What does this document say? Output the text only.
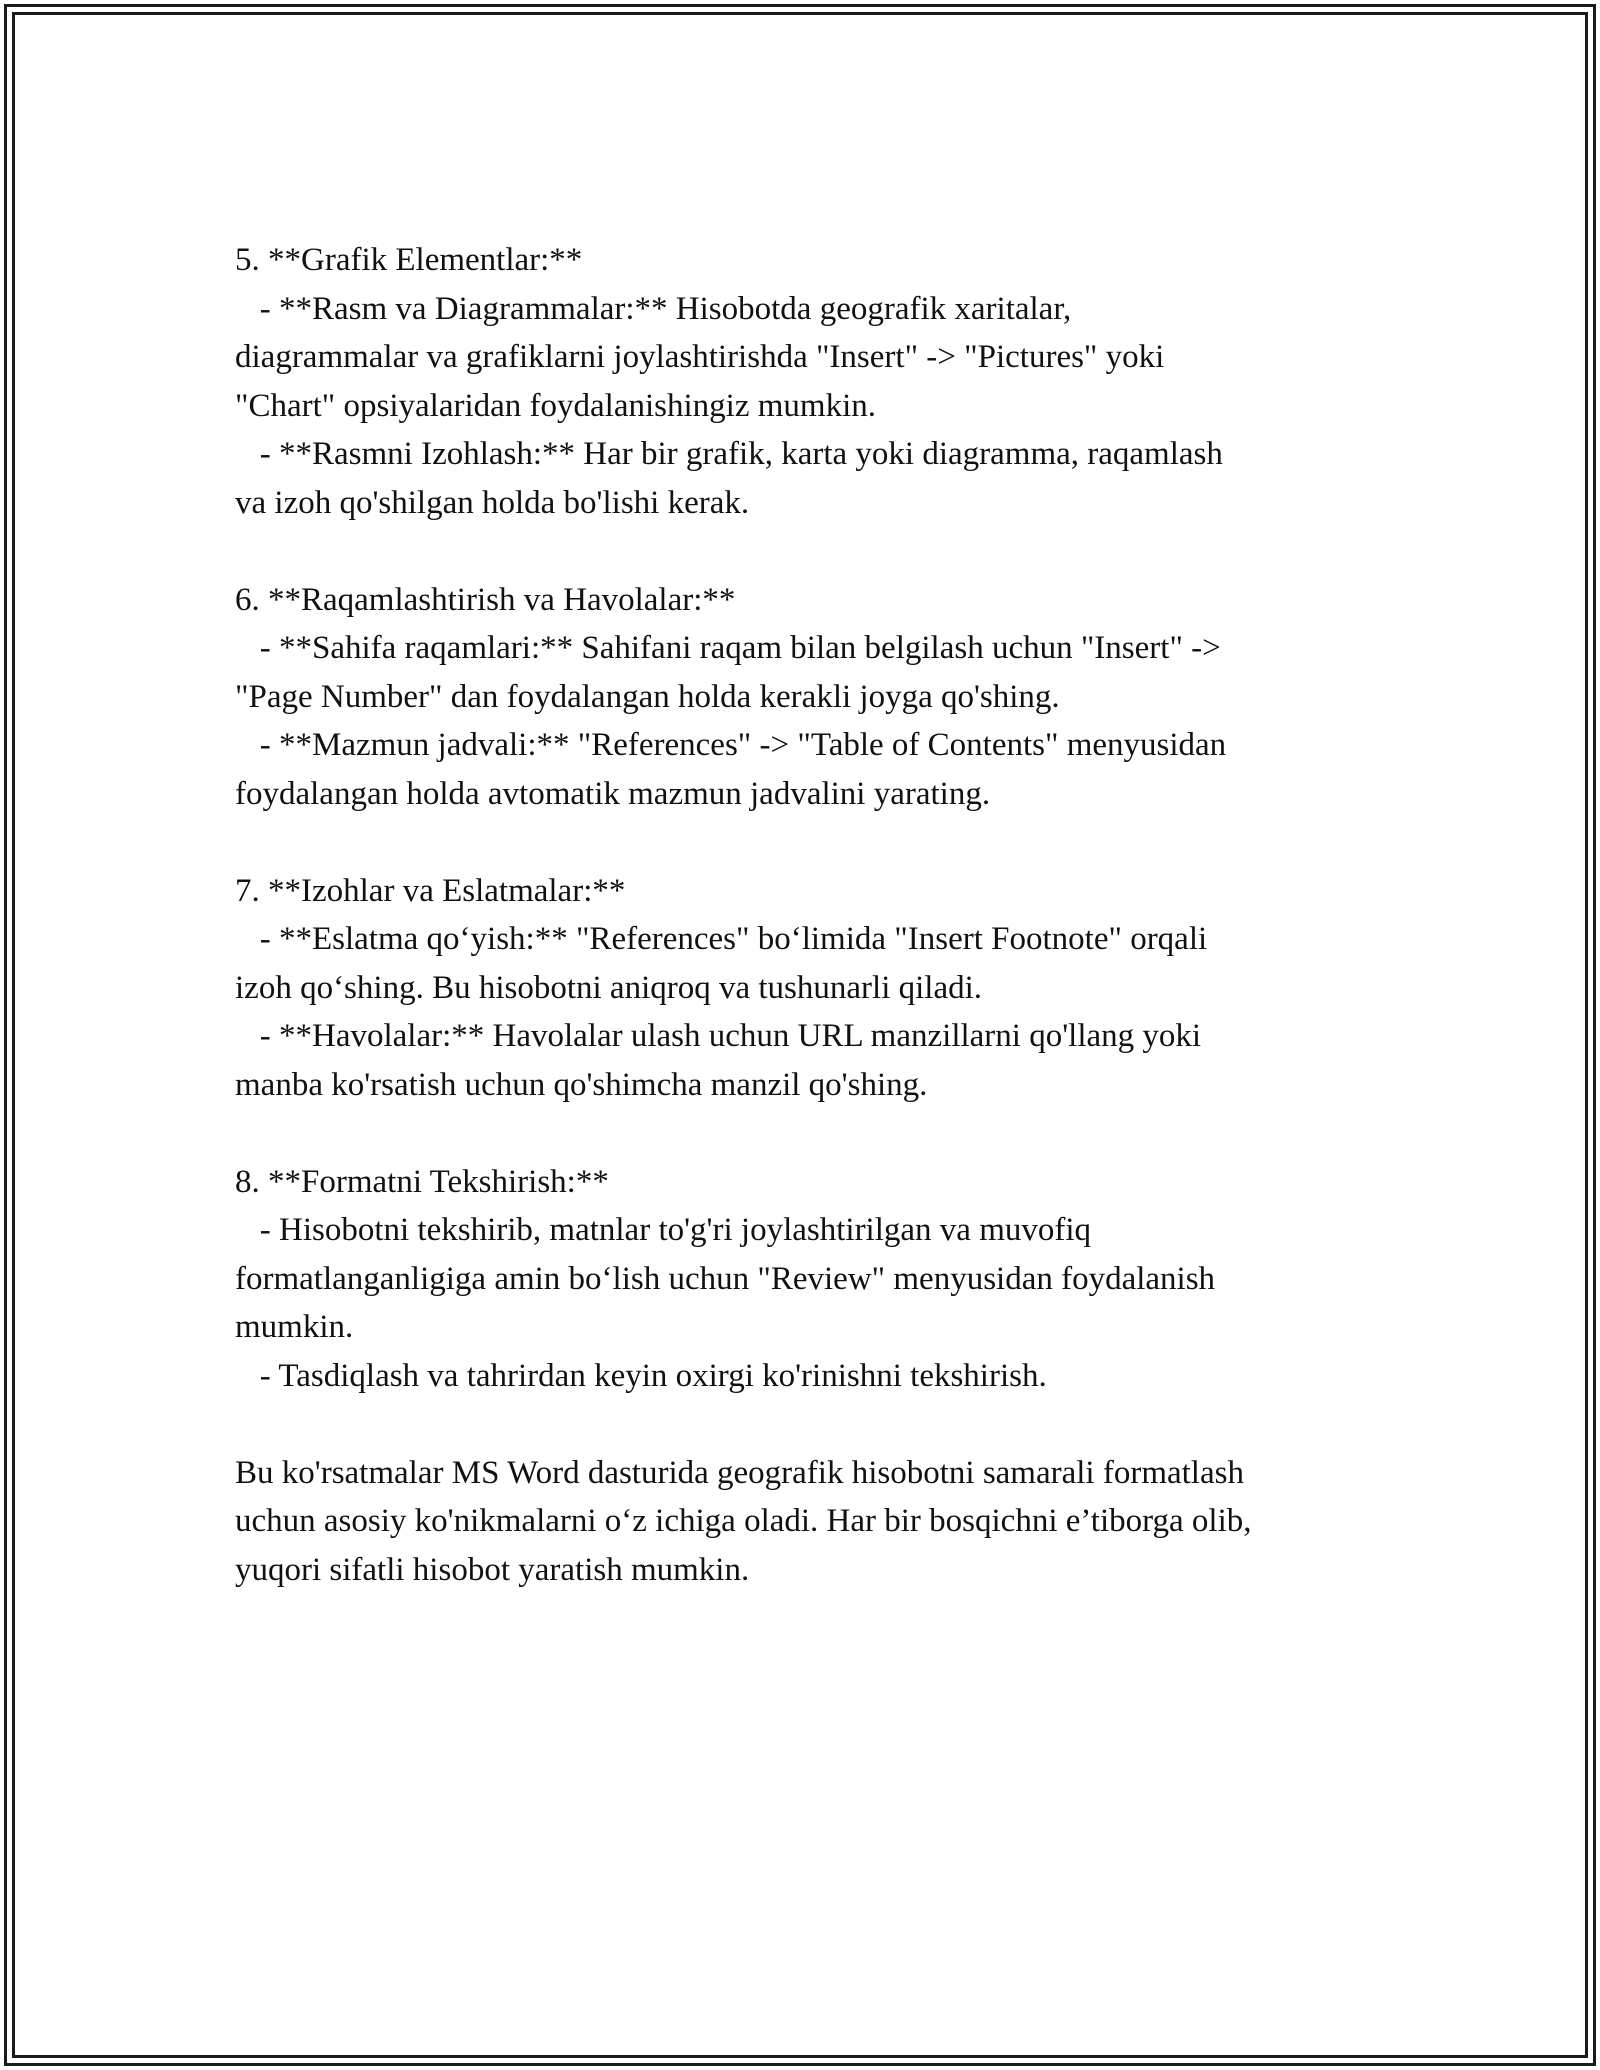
5. **Grafik Elementlar:**
- **Rasm va Diagrammalar:** Hisobotda geografik xaritalar,
diagrammalar va grafiklarni joylashtirishda "Insert" -> "Pictures" yoki
"Chart" opsiyalaridan foydalanishingiz mumkin.
- **Rasmni Izohlash:** Har bir grafik, karta yoki diagramma, raqamlash
va izoh qo'shilgan holda bo'lishi kerak.
6. **Raqamlashtirish va Havolalar:**
- **Sahifa raqamlari:** Sahifani raqam bilan belgilash uchun "Insert" ->
"Page Number" dan foydalangan holda kerakli joyga qo'shing.
- **Mazmun jadvali:** "References" -> "Table of Contents" menyusidan
foydalangan holda avtomatik mazmun jadvalini yarating.
7. **Izohlar va Eslatmalar:**
- **Eslatma qo‘yish:** "References" bo‘limida "Insert Footnote" orqali
izoh qo‘shing. Bu hisobotni aniqroq va tushunarli qiladi.
- **Havolalar:** Havolalar ulash uchun URL manzillarni qo'llang yoki
manba ko'rsatish uchun qo'shimcha manzil qo'shing.
8. **Formatni Tekshirish:**
- Hisobotni tekshirib, matnlar to'g'ri joylashtirilgan va muvofiq
formatlanganligiga amin bo‘lish uchun "Review" menyusidan foydalanish
mumkin.
- Tasdiqlash va tahrirdan keyin oxirgi ko'rinishni tekshirish.
Bu ko'rsatmalar MS Word dasturida geografik hisobotni samarali formatlash
uchun asosiy ko'nikmalarni o‘z ichiga oladi. Har bir bosqichni e’tiborga olib,
yuqori sifatli hisobot yaratish mumkin.
